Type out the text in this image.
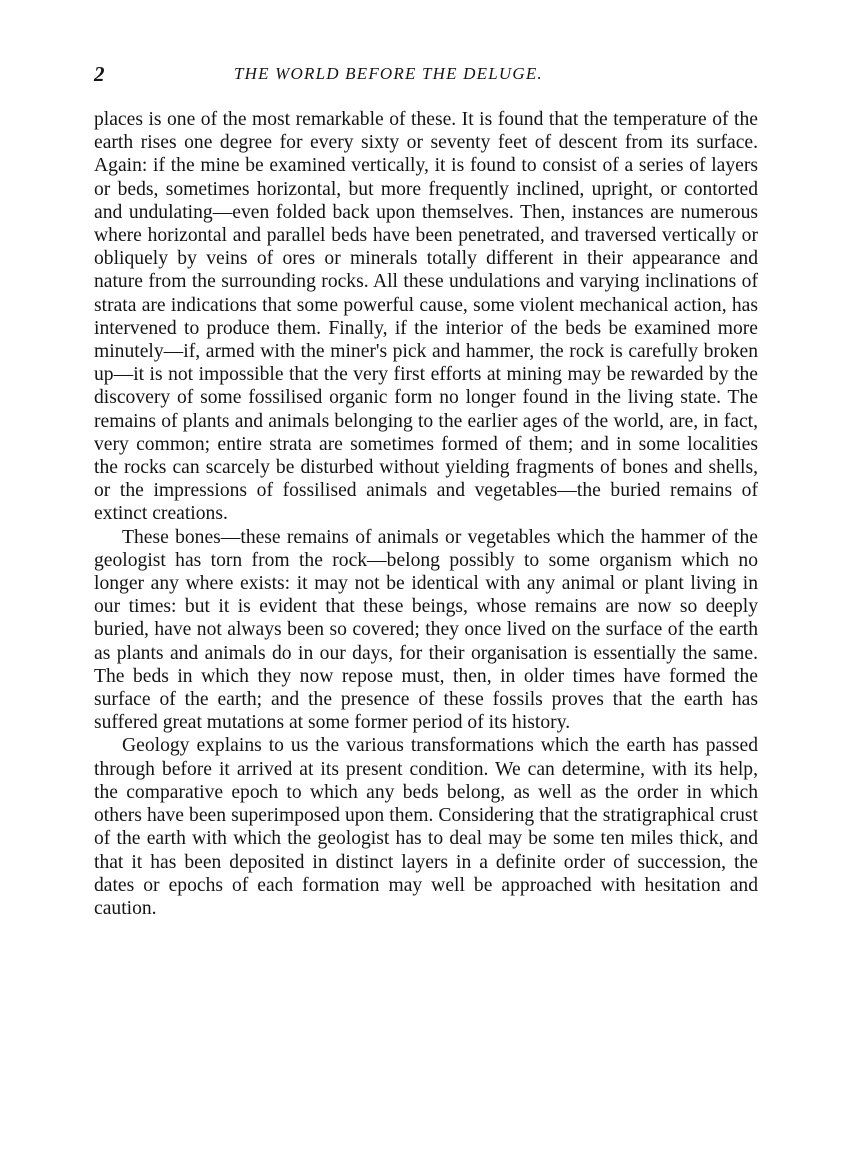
2	THE WORLD BEFORE THE DELUGE.

places is one of the most remarkable of these. It is found that the temperature of the earth rises one degree for every sixty or seventy feet of descent from its surface. Again: if the mine be examined vertically, it is found to consist of a series of layers or beds, sometimes horizontal, but more frequently inclined, upright, or contorted and undulating—even folded back upon themselves. Then, instances are numerous where horizontal and parallel beds have been penetrated, and traversed vertically or obliquely by veins of ores or minerals totally different in their appearance and nature from the surrounding rocks. All these undulations and varying inclinations of strata are indications that some powerful cause, some violent mechanical action, has intervened to produce them. Finally, if the interior of the beds be examined more minutely—if, armed with the miner's pick and hammer, the rock is carefully broken up—it is not impossible that the very first efforts at mining may be rewarded by the discovery of some fossilised organic form no longer found in the living state. The remains of plants and animals belonging to the earlier ages of the world, are, in fact, very common; entire strata are sometimes formed of them; and in some localities the rocks can scarcely be disturbed without yielding fragments of bones and shells, or the impressions of fossilised animals and vegetables—the buried remains of extinct creations.

These bones—these remains of animals or vegetables which the hammer of the geologist has torn from the rock—belong possibly to some organism which no longer any where exists: it may not be identical with any animal or plant living in our times: but it is evident that these beings, whose remains are now so deeply buried, have not always been so covered; they once lived on the surface of the earth as plants and animals do in our days, for their organisation is essentially the same. The beds in which they now repose must, then, in older times have formed the surface of the earth; and the presence of these fossils proves that the earth has suffered great mutations at some former period of its history.

Geology explains to us the various transformations which the earth has passed through before it arrived at its present condition. We can determine, with its help, the comparative epoch to which any beds belong, as well as the order in which others have been superimposed upon them. Considering that the stratigraphical crust of the earth with which the geologist has to deal may be some ten miles thick, and that it has been deposited in distinct layers in a definite order of succession, the dates or epochs of each formation may well be approached with hesitation and caution.
